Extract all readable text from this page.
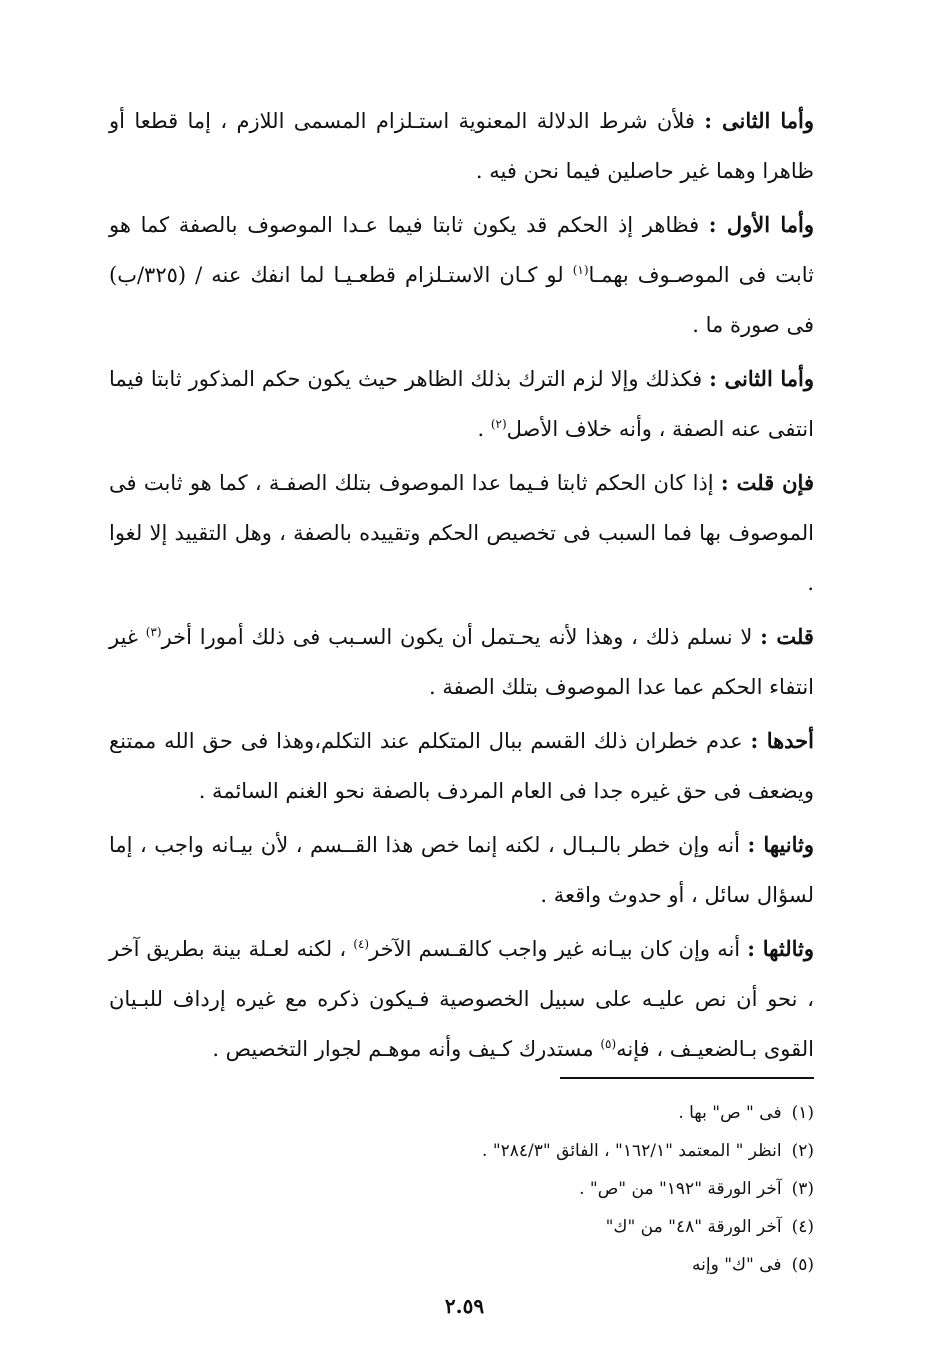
وأما الثانى : فلأن شرط الدلالة المعنوية استـلزام المسمى اللازم ، إما قطعا أو ظاهرا وهما غير حاصلين فيما نحن فيه .

وأما الأول : فظاهر إذ الحكم قد يكون ثابتا فيما عـدا الموصوف بالصفة كما هو ثابت فى الموصـوف بهمـا$^{(١)}$ لو كـان الاستـلزام قطعـيـا لما انفك عنه / (٣٢٥/ب) فى صورة ما .

وأما الثانى : فكذلك وإلا لزم الترك بذلك الظاهر حيث يكون حكم المذكور ثابتا فيما انتفى عنه الصفة ، وأنه خلاف الأصل$^{(٢)}$ .

فإن قلت : إذا كان الحكم ثابتا فـيما عدا الموصوف بتلك الصفـة ، كما هو ثابت فى الموصوف بها فما السبب فى تخصيص الحكم وتقييده بالصفة ، وهل التقييد إلا لغوا .

قلت : لا نسلم ذلك ، وهذا لأنه يحـتمل أن يكون السـبب فى ذلك أمورا أخر$^{(٣)}$ غير انتفاء الحكم عما عدا الموصوف بتلك الصفة .

أحدها : عدم خطران ذلك القسم ببال المتكلم عند التكلم،وهذا فى حق الله ممتنع ويضعف فى حق غيره جدا فى العام المردف بالصفة نحو الغنم السائمة .

وثانيها : أنه وإن خطر بالـبـال ، لكنه إنما خص هذا القــسم ، لأن بيـانه واجب ، إما لسؤال سائل ، أو حدوث واقعة .

وثالثها : أنه وإن كان بيـانه غير واجب كالقـسم الآخر$^{(٤)}$ ، لكنه لعـلة بينة بطريق آخر ، نحو أن نص عليـه على سبيل الخصوصية فـيكون ذكره مع غيره إرداف للبـيان القوى بـالضعيـف ، فإنه$^{(٥)}$ مستدرك كـيف وأنه موهـم لجوار التخصيص .

(١)فى " ص" بها .
(٢)انظر " المعتمد "١٦٢/١" ، الفائق "٢٨٤/٣" .
(٣)آخر الورقة "١٩٢" من "ص" .
(٤)آخر الورقة "٤٨" من "ك"
(٥)فى "ك" وإنه
٢.٥٩
